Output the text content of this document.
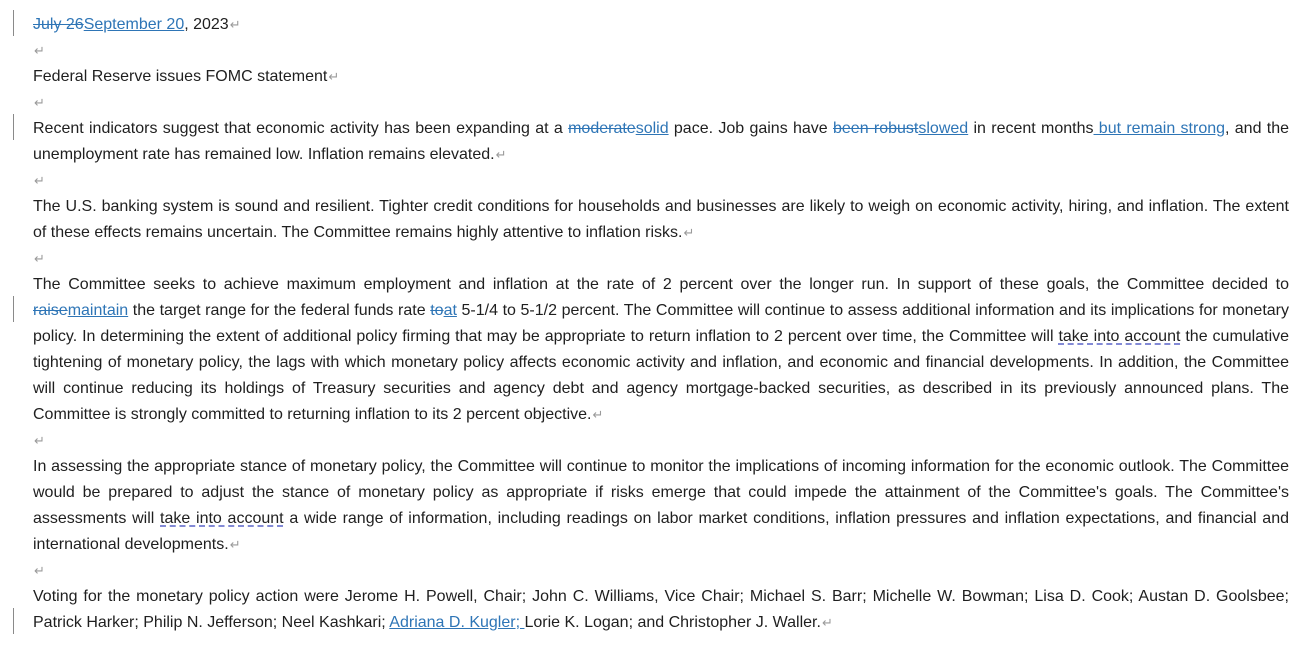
July 26September 20, 2023↵
↵
Federal Reserve issues FOMC statement↵
↵
Recent indicators suggest that economic activity has been expanding at a moderatesolid pace. Job gains have been robustslowed in recent months but remain strong, and the unemployment rate has remained low. Inflation remains elevated.↵
↵
The U.S. banking system is sound and resilient. Tighter credit conditions for households and businesses are likely to weigh on economic activity, hiring, and inflation. The extent of these effects remains uncertain. The Committee remains highly attentive to inflation risks.↵
↵
The Committee seeks to achieve maximum employment and inflation at the rate of 2 percent over the longer run. In support of these goals, the Committee decided to raisemaintain the target range for the federal funds rate toat 5-1/4 to 5-1/2 percent. The Committee will continue to assess additional information and its implications for monetary policy. In determining the extent of additional policy firming that may be appropriate to return inflation to 2 percent over time, the Committee will take into account the cumulative tightening of monetary policy, the lags with which monetary policy affects economic activity and inflation, and economic and financial developments. In addition, the Committee will continue reducing its holdings of Treasury securities and agency debt and agency mortgage-backed securities, as described in its previously announced plans. The Committee is strongly committed to returning inflation to its 2 percent objective.↵
↵
In assessing the appropriate stance of monetary policy, the Committee will continue to monitor the implications of incoming information for the economic outlook. The Committee would be prepared to adjust the stance of monetary policy as appropriate if risks emerge that could impede the attainment of the Committee's goals. The Committee's assessments will take into account a wide range of information, including readings on labor market conditions, inflation pressures and inflation expectations, and financial and international developments.↵
↵
Voting for the monetary policy action were Jerome H. Powell, Chair; John C. Williams, Vice Chair; Michael S. Barr; Michelle W. Bowman; Lisa D. Cook; Austan D. Goolsbee; Patrick Harker; Philip N. Jefferson; Neel Kashkari; Adriana D. Kugler; Lorie K. Logan; and Christopher J. Waller.↵
